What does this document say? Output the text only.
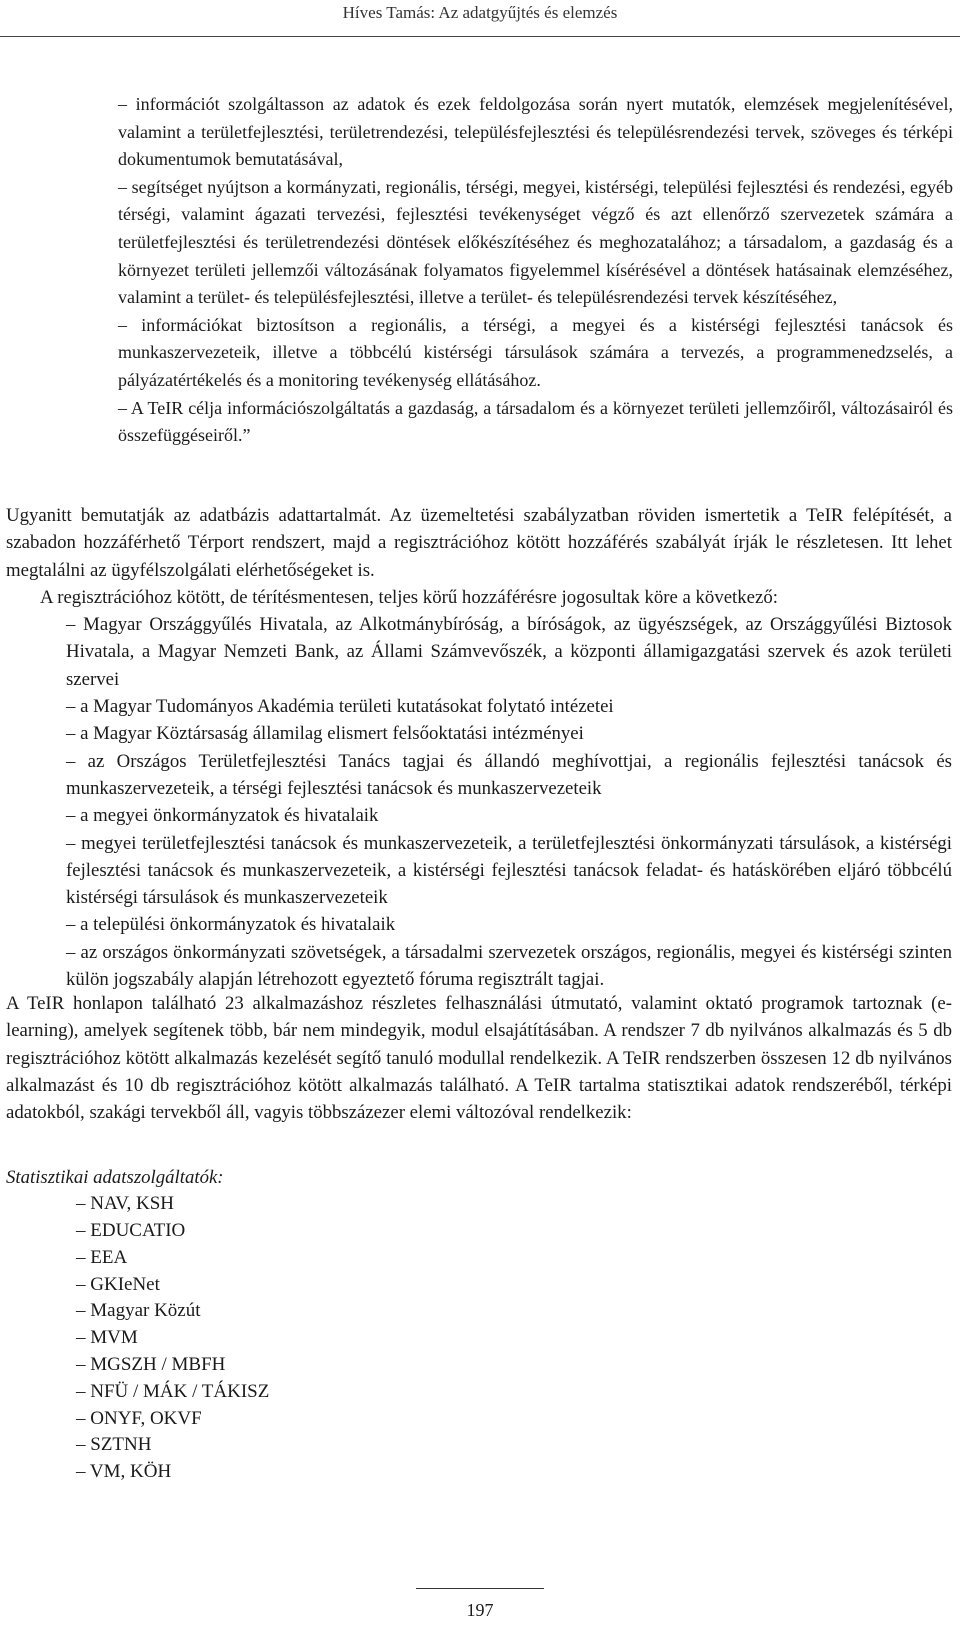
Híves Tamás: Az adatgyűjtés és elemzés

– információt szolgáltasson az adatok és ezek feldolgozása során nyert mutatók, elemzések megjelenítésével, valamint a területfejlesztési, területrendezési, településfejlesztési és településrendezési tervek, szöveges és térképi dokumentumok bemutatásával,

– segítséget nyújtson a kormányzati, regionális, térségi, megyei, kistérségi, települési fejlesztési és rendezési, egyéb térségi, valamint ágazati tervezési, fejlesztési tevékenységet végző és azt ellenőrző szervezetek számára a területfejlesztési és területrendezési döntések előkészítéséhez és meghozatalához; a társadalom, a gazdaság és a környezet területi jellemzői változásának folyamatos figyelemmel kísérésével a döntések hatásainak elemzéséhez, valamint a terület- és településfejlesztési, illetve a terület- és településrendezési tervek készítéséhez,

– információkat biztosítson a regionális, a térségi, a megyei és a kistérségi fejlesztési tanácsok és munkaszervezeteik, illetve a többcélú kistérségi társulások számára a tervezés, a programmenedzselés, a pályázatértékelés és a monitoring tevékenység ellátásához.

– A TeIR célja információszolgáltatás a gazdaság, a társadalom és a környezet területi jellemzőiről, változásairól és összefüggéseiről.”

Ugyanitt bemutatják az adatbázis adattartalmát. Az üzemeltetési szabályzatban röviden ismertetik a TeIR felépítését, a szabadon hozzáférhető Térport rendszert, majd a regisztrációhoz kötött hozzáférés szabályát írják le részletesen. Itt lehet megtalálni az ügyfélszolgálati elérhetőségeket is.

A regisztrációhoz kötött, de térítésmentesen, teljes körű hozzáférésre jogosultak köre a következő:

– Magyar Országgyűlés Hivatala, az Alkotmánybíróság, a bíróságok, az ügyészségek, az Országgyűlési Biztosok Hivatala, a Magyar Nemzeti Bank, az Állami Számvevőszék, a központi államigazgatási szervek és azok területi szervei
– a Magyar Tudományos Akadémia területi kutatásokat folytató intézetei
– a Magyar Köztársaság államilag elismert felsőoktatási intézményei
– az Országos Területfejlesztési Tanács tagjai és állandó meghívottjai, a regionális fejlesztési tanácsok és munkaszervezeteik, a térségi fejlesztési tanácsok és munkaszervezeteik
– a megyei önkormányzatok és hivatalaik
– megyei területfejlesztési tanácsok és munkaszervezeteik, a területfejlesztési önkormányzati társulások, a kistérségi fejlesztési tanácsok és munkaszervezeteik, a kistérségi fejlesztési tanácsok feladat- és hatáskörében eljáró többcélú kistérségi társulások és munkaszervezeteik
– a települési önkormányzatok és hivatalaik
– az országos önkormányzati szövetségek, a társadalmi szervezetek országos, regionális, megyei és kistérségi szinten külön jogszabály alapján létrehozott egyeztető fóruma regisztrált tagjai.

A TeIR honlapon található 23 alkalmazáshoz részletes felhasználási útmutató, valamint oktató programok tartoznak (e-learning), amelyek segítenek több, bár nem mindegyik, modul elsajátításában. A rendszer 7 db nyilvános alkalmazás és 5 db regisztrációhoz kötött alkalmazás kezelését segítő tanuló modullal rendelkezik. A TeIR rendszerben összesen 12 db nyilvános alkalmazást és 10 db regisztrációhoz kötött alkalmazás található. A TeIR tartalma statisztikai adatok rendszeréből, térképi adatokból, szakági tervekből áll, vagyis többszázezer elemi változóval rendelkezik:

Statisztikai adatszolgáltatók:

– NAV, KSH
– EDUCATIO
– EEA
– GKIeNet
– Magyar Közút
– MVM
– MGSZH / MBFH
– NFÜ / MÁK / TÁKISZ
– ONYF, OKVF
– SZTNH
– VM, KÖH
197
